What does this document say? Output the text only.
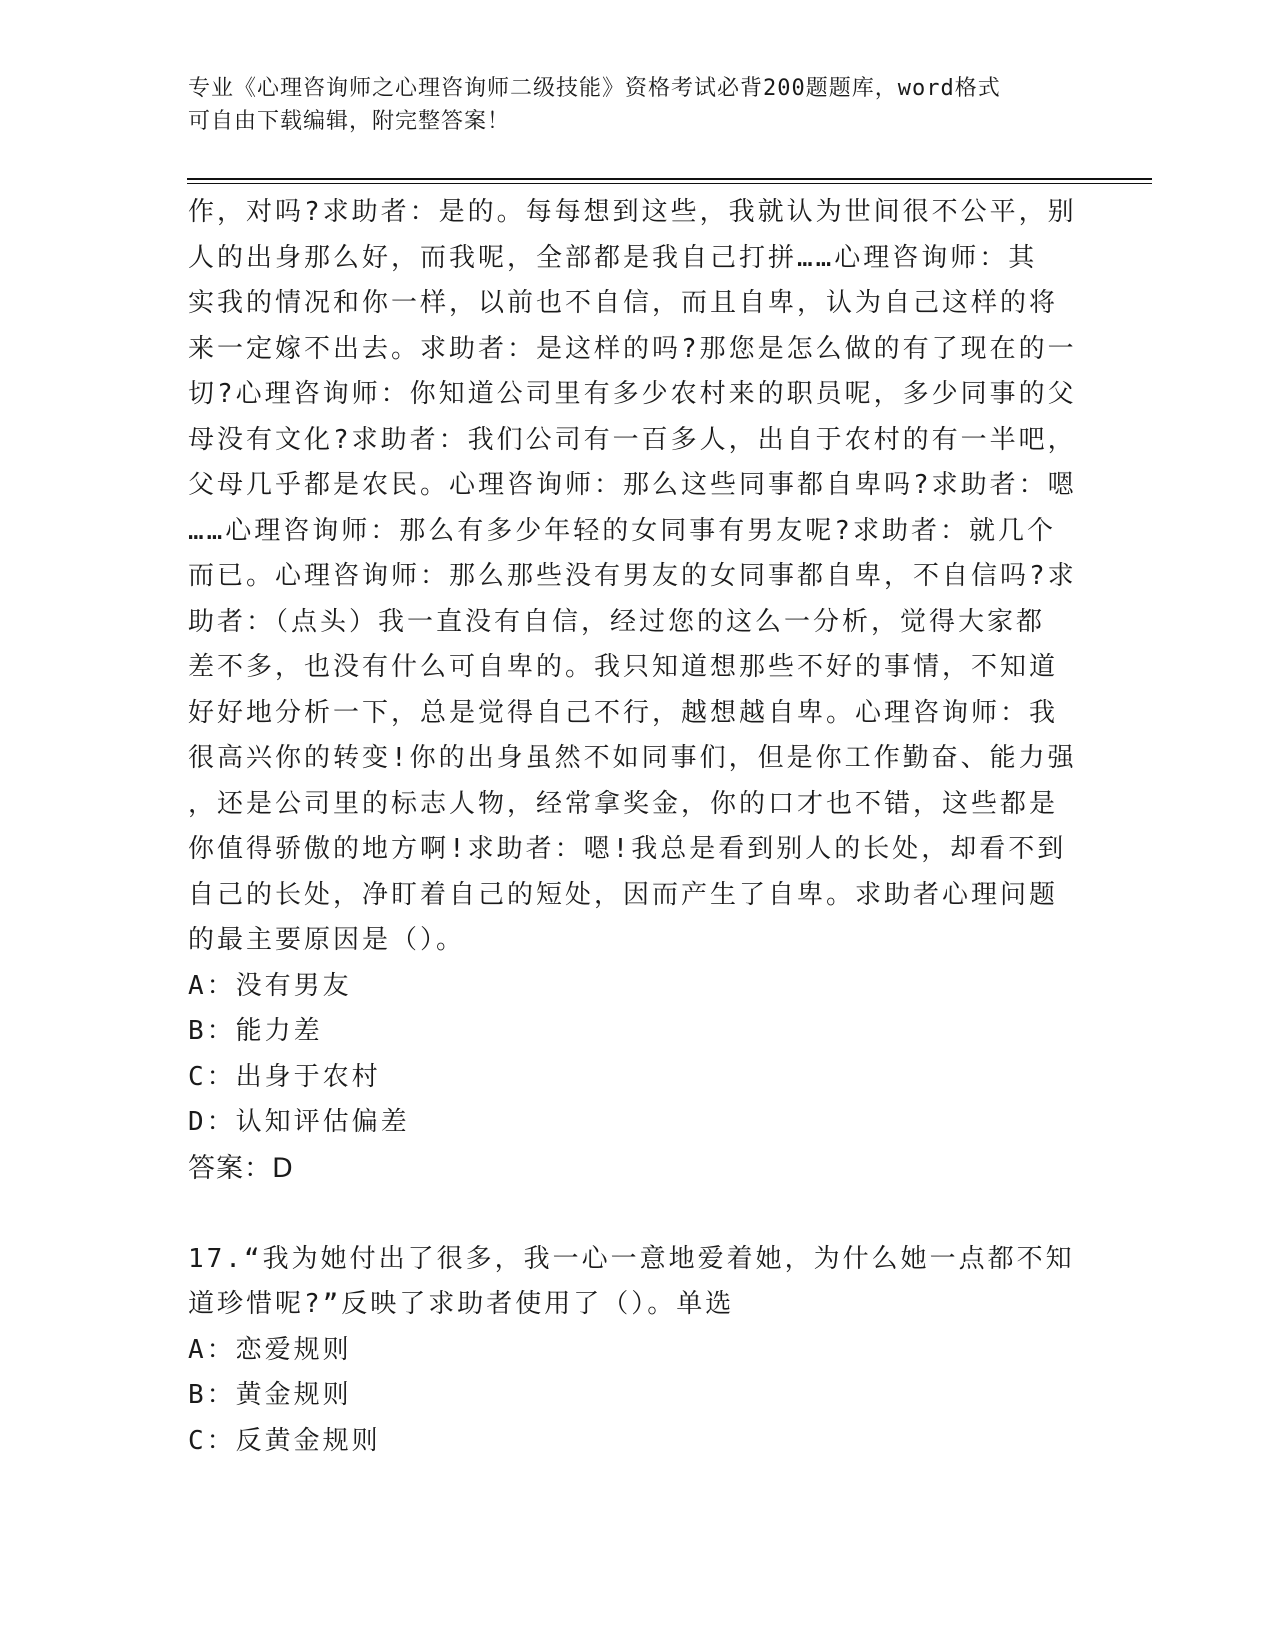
专业《心理咨询师之心理咨询师二级技能》资格考试必背200题题库，word格式
可自由下载编辑，附完整答案！
作，对吗?求助者：是的。每每想到这些，我就认为世间很不公平，别
人的出身那么好，而我呢，全部都是我自己打拼……心理咨询师：其
实我的情况和你一样，以前也不自信，而且自卑，认为自己这样的将
来一定嫁不出去。求助者：是这样的吗?那您是怎么做的有了现在的一
切?心理咨询师：你知道公司里有多少农村来的职员呢，多少同事的父
母没有文化?求助者：我们公司有一百多人，出自于农村的有一半吧，
父母几乎都是农民。心理咨询师：那么这些同事都自卑吗?求助者：嗯
……心理咨询师：那么有多少年轻的女同事有男友呢?求助者：就几个
而已。心理咨询师：那么那些没有男友的女同事都自卑，不自信吗?求
助者：（点头）我一直没有自信，经过您的这么一分析，觉得大家都
差不多，也没有什么可自卑的。我只知道想那些不好的事情，不知道
好好地分析一下，总是觉得自己不行，越想越自卑。心理咨询师：我
很高兴你的转变!你的出身虽然不如同事们，但是你工作勤奋、能力强
，还是公司里的标志人物，经常拿奖金，你的口才也不错，这些都是
你值得骄傲的地方啊!求助者：嗯!我总是看到别人的长处，却看不到
自己的长处，净盯着自己的短处，因而产生了自卑。求助者心理问题
的最主要原因是（）。
A：没有男友
B：能力差
C：出身于农村
D：认知评估偏差
答案：D
17.“我为她付出了很多，我一心一意地爱着她，为什么她一点都不知
道珍惜呢?”反映了求助者使用了（）。单选
A：恋爱规则
B：黄金规则
C：反黄金规则
